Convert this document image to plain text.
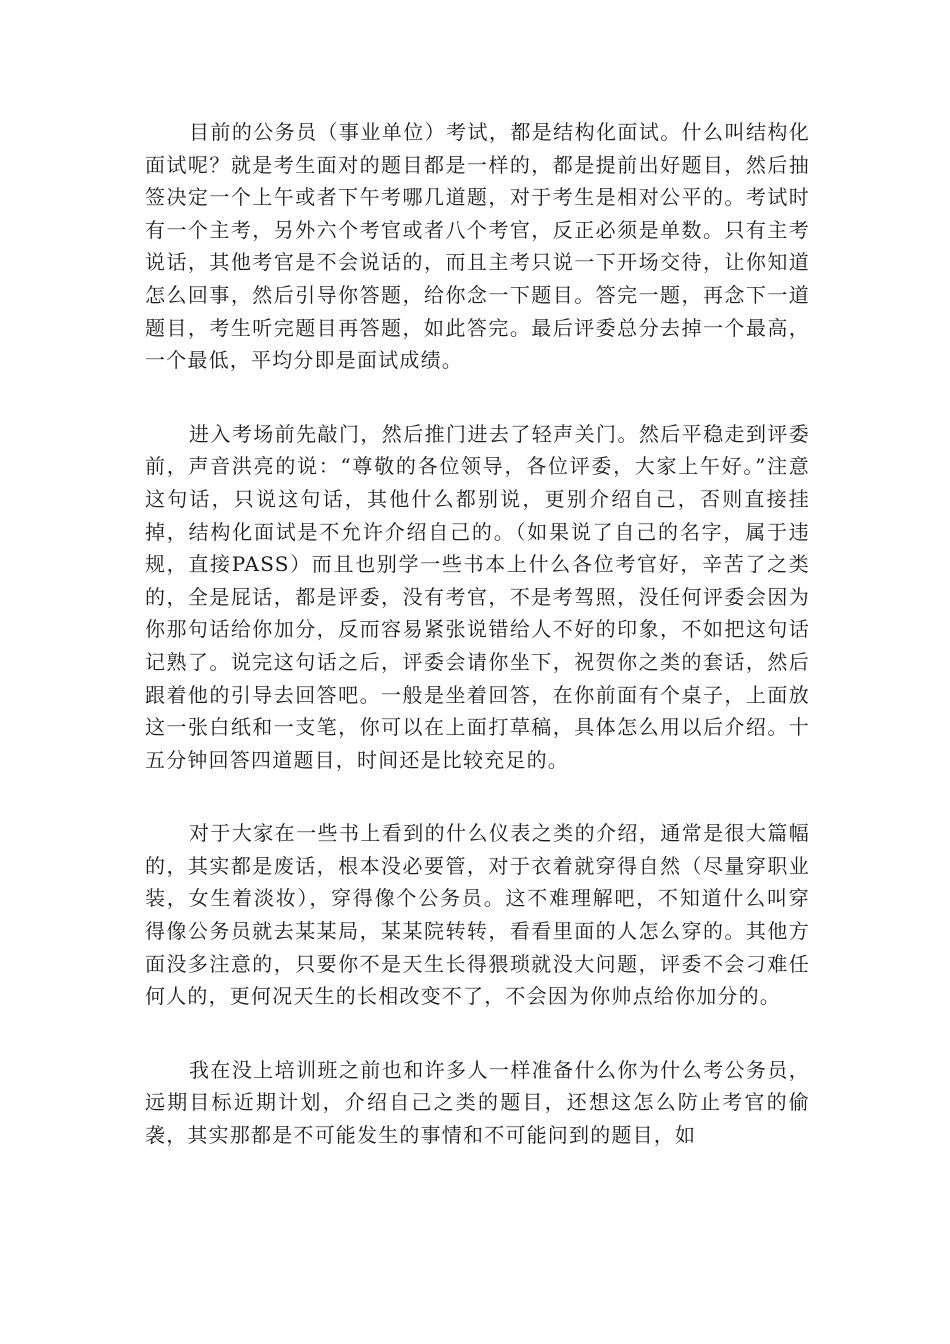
目前的公务员（事业单位）考试，都是结构化面试。什么叫结构化面试呢？就是考生面对的题目都是一样的，都是提前出好题目，然后抽签决定一个上午或者下午考哪几道题，对于考生是相对公平的。考试时有一个主考，另外六个考官或者八个考官，反正必须是单数。只有主考说话，其他考官是不会说话的，而且主考只说一下开场交待，让你知道怎么回事，然后引导你答题，给你念一下题目。答完一题，再念下一道题目，考生听完题目再答题，如此答完。最后评委总分去掉一个最高，一个最低，平均分即是面试成绩。

进入考场前先敲门，然后推门进去了轻声关门。然后平稳走到评委前，声音洪亮的说：“尊敬的各位领导，各位评委，大家上午好。”注意这句话，只说这句话，其他什么都别说，更别介绍自己，否则直接挂掉，结构化面试是不允许介绍自己的。（如果说了自己的名字，属于违规，直接PASS）而且也别学一些书本上什么各位考官好，辛苦了之类的，全是屁话，都是评委，没有考官，不是考驾照，没任何评委会因为你那句话给你加分，反而容易紧张说错给人不好的印象，不如把这句话记熟了。说完这句话之后，评委会请你坐下，祝贺你之类的套话，然后跟着他的引导去回答吧。一般是坐着回答，在你前面有个桌子，上面放这一张白纸和一支笔，你可以在上面打草稿，具体怎么用以后介绍。十五分钟回答四道题目，时间还是比较充足的。

对于大家在一些书上看到的什么仪表之类的介绍，通常是很大篇幅的，其实都是废话，根本没必要管，对于衣着就穿得自然（尽量穿职业装，女生着淡妆），穿得像个公务员。这不难理解吧，不知道什么叫穿得像公务员就去某某局，某某院转转，看看里面的人怎么穿的。其他方面没多注意的，只要你不是天生长得猥琐就没大问题，评委不会刁难任何人的，更何况天生的长相改变不了，不会因为你帅点给你加分的。

我在没上培训班之前也和许多人一样准备什么你为什么考公务员，远期目标近期计划，介绍自己之类的题目，还想这怎么防止考官的偷袭，其实那都是不可能发生的事情和不可能问到的题目，如
